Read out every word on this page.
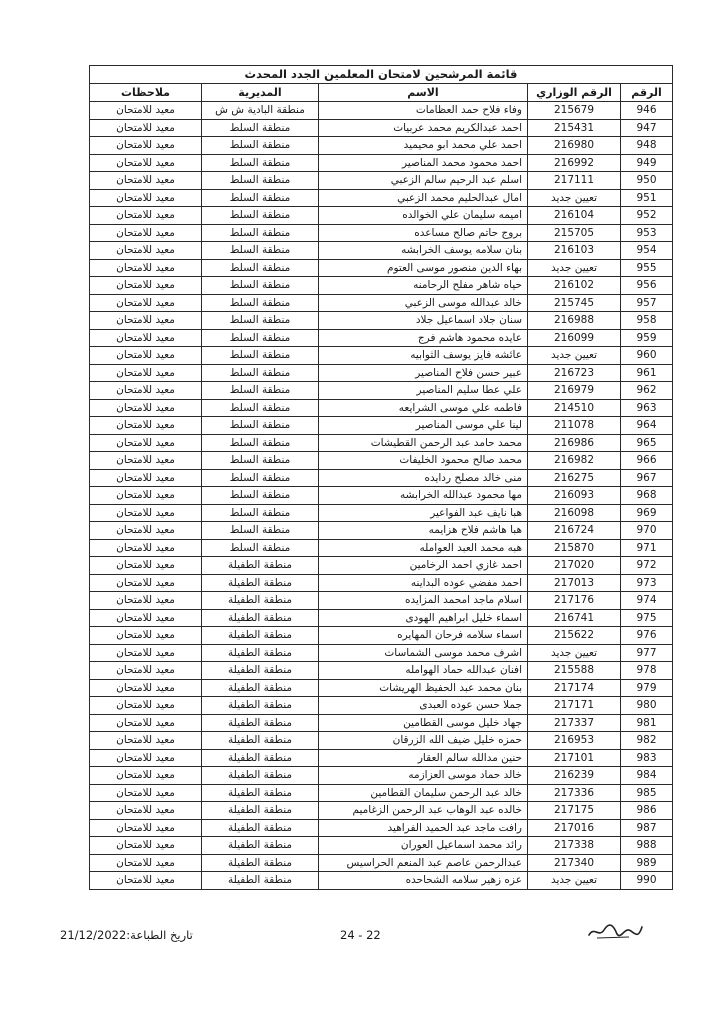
قائمة المرشحين لامتحان المعلمين الجدد المحدث
الرقم	الرقم الوزاري	الاسم	المديرية	ملاحظات
946	215679	وفاء فلاح حمد العظامات	منطقة البادية ش ش	معيد للامتحان
947	215431	احمد عبدالكريم محمد عربيات	منطقة السلط	معيد للامتحان
948	216980	احمد علي محمد ابو محيميد	منطقة السلط	معيد للامتحان
949	216992	احمد محمود محمد المناصير	منطقة السلط	معيد للامتحان
950	217111	اسلم عبد الرحيم سالم الزعبي	منطقة السلط	معيد للامتحان
951	تعيين جديد	امال عبدالحليم محمد الزعبي	منطقة السلط	معيد للامتحان
952	216104	اميمه سليمان علي الخوالده	منطقة السلط	معيد للامتحان
953	215705	بروج حاتم صالح مساعده	منطقة السلط	معيد للامتحان
954	216103	بنان سلامه يوسف الخرابشه	منطقة السلط	معيد للامتحان
955	تعيين جديد	بهاء الدين منصور موسى العتوم	منطقة السلط	معيد للامتحان
956	216102	حياه شاهر مفلح الرحامنه	منطقة السلط	معيد للامتحان
957	215745	خالد عبدالله موسى الزعبي	منطقة السلط	معيد للامتحان
958	216988	سنان جلاد اسماعيل جلاد	منطقة السلط	معيد للامتحان
959	216099	عايده محمود هاشم فرج	منطقة السلط	معيد للامتحان
960	تعيين جديد	عائشه فايز يوسف الثوابيه	منطقة السلط	معيد للامتحان
961	216723	عبير حسن فلاح المناصير	منطقة السلط	معيد للامتحان
962	216979	علي عطا سليم المناصير	منطقة السلط	معيد للامتحان
963	214510	فاطمه علي موسى الشرايعه	منطقة السلط	معيد للامتحان
964	211078	لينا علي موسى المناصير	منطقة السلط	معيد للامتحان
965	216986	محمد حامد عبد الرحمن القطيشات	منطقة السلط	معيد للامتحان
966	216982	محمد صالح محمود الخليفات	منطقة السلط	معيد للامتحان
967	216275	منى خالد مصلح ردايده	منطقة السلط	معيد للامتحان
968	216093	مها محمود عبدالله الخرابشه	منطقة السلط	معيد للامتحان
969	216098	هبا نايف عبد الفواعير	منطقة السلط	معيد للامتحان
970	216724	هبا هاشم فلاح هزايمه	منطقة السلط	معيد للامتحان
971	215870	هبه محمد العبد العوامله	منطقة السلط	معيد للامتحان
972	217020	احمد غازي احمد الرخامين	منطقة الطفيلة	معيد للامتحان
973	217013	احمد مفضي عوده البداينه	منطقة الطفيلة	معيد للامتحان
974	217176	اسلام ماجد امحمد المزايده	منطقة الطفيلة	معيد للامتحان
975	216741	اسماء خليل ابراهيم الهودى	منطقة الطفيلة	معيد للامتحان
976	215622	اسماء سلامه فرحان المهايره	منطقة الطفيلة	معيد للامتحان
977	تعيين جديد	اشرف محمد موسى الشماسات	منطقة الطفيلة	معيد للامتحان
978	215588	افنان عبدالله حماد الهوامله	منطقة الطفيلة	معيد للامتحان
979	217174	بنان محمد عبد الحفيظ الهريشات	منطقة الطفيلة	معيد للامتحان
980	217171	جملا حسن عوده العبدى	منطقة الطفيلة	معيد للامتحان
981	217337	جهاد خليل موسى القطامين	منطقة الطفيلة	معيد للامتحان
982	216953	حمزه خليل ضيف الله الزرقان	منطقة الطفيلة	معيد للامتحان
983	217101	حنين مدالله سالم العقار	منطقة الطفيلة	معيد للامتحان
984	216239	خالد حماد موسى العزازمه	منطقة الطفيلة	معيد للامتحان
985	217336	خالد عبد الرحمن سليمان القطامين	منطقة الطفيلة	معيد للامتحان
986	217175	خالده عبد الوهاب عبد الرحمن الزغاميم	منطقة الطفيلة	معيد للامتحان
987	217016	رافت ماجد عبد الحميد الفراهيد	منطقة الطفيلة	معيد للامتحان
988	217338	رائد محمد اسماعيل العوران	منطقة الطفيلة	معيد للامتحان
989	217340	عبدالرحمن عاصم عبد المنعم الحراسيس	منطقة الطفيلة	معيد للامتحان
990	تعيين جديد	عزه زهير سلامه الشحاحده	منطقة الطفيلة	معيد للامتحان
تاريخ الطباعة:21/12/2022	24 - 22
